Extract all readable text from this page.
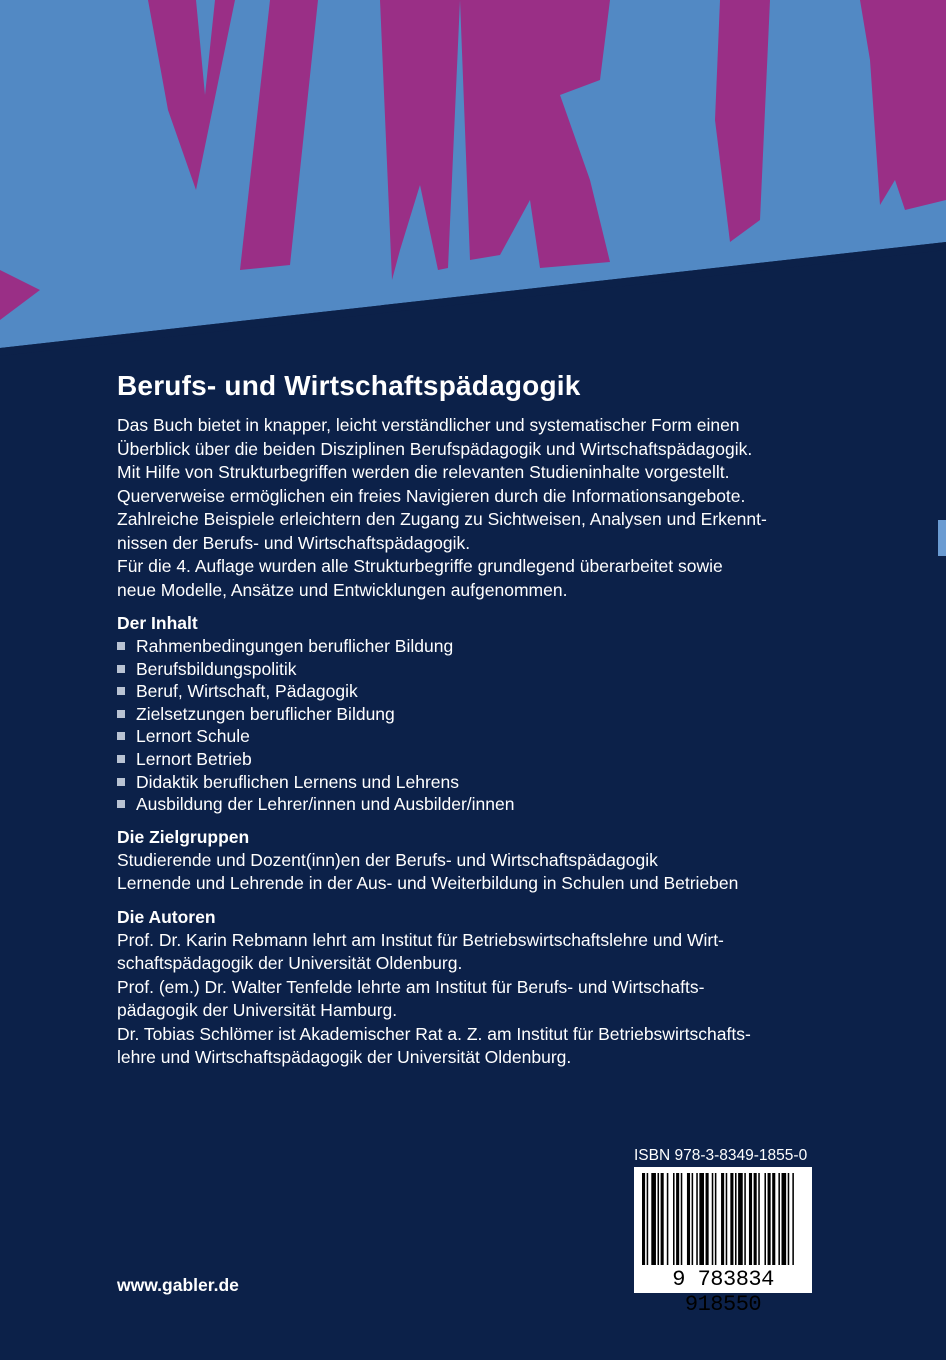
Berufs- und Wirtschaftspädagogik

Das Buch bietet in knapper, leicht verständlicher und systematischer Form einen
Überblick über die beiden Disziplinen Berufspädagogik und Wirtschaftspädagogik.
Mit Hilfe von Strukturbegriffen werden die relevanten Studieninhalte vorgestellt.
Querverweise ermöglichen ein freies Navigieren durch die Informationsangebote.
Zahlreiche Beispiele erleichtern den Zugang zu Sichtweisen, Analysen und Erkennt-
nissen der Berufs- und Wirtschaftspädagogik.
Für die 4. Auflage wurden alle Strukturbegriffe grundlegend überarbeitet sowie
neue Modelle, Ansätze und Entwicklungen aufgenommen.

Der Inhalt
Rahmenbedingungen beruflicher Bildung
Berufsbildungspolitik
Beruf, Wirtschaft, Pädagogik
Zielsetzungen beruflicher Bildung
Lernort Schule
Lernort Betrieb
Didaktik beruflichen Lernens und Lehrens
Ausbildung der Lehrer/innen und Ausbilder/innen
Die Zielgruppen
Studierende und Dozent(inn)en der Berufs- und Wirtschaftspädagogik
Lernende und Lehrende in der Aus- und Weiterbildung in Schulen und Betrieben
Die Autoren
Prof. Dr. Karin Rebmann lehrt am Institut für Betriebswirtschaftslehre und Wirt-
schaftspädagogik der Universität Oldenburg.
Prof. (em.) Dr. Walter Tenfelde lehrte am Institut für Berufs- und Wirtschafts-
pädagogik der Universität Hamburg.
Dr. Tobias Schlömer ist Akademischer Rat a. Z. am Institut für Betriebswirtschafts-
lehre und Wirtschaftspädagogik der Universität Oldenburg.
ISBN 978-3-8349-1855-0
9 783834 918550
www.gabler.de
